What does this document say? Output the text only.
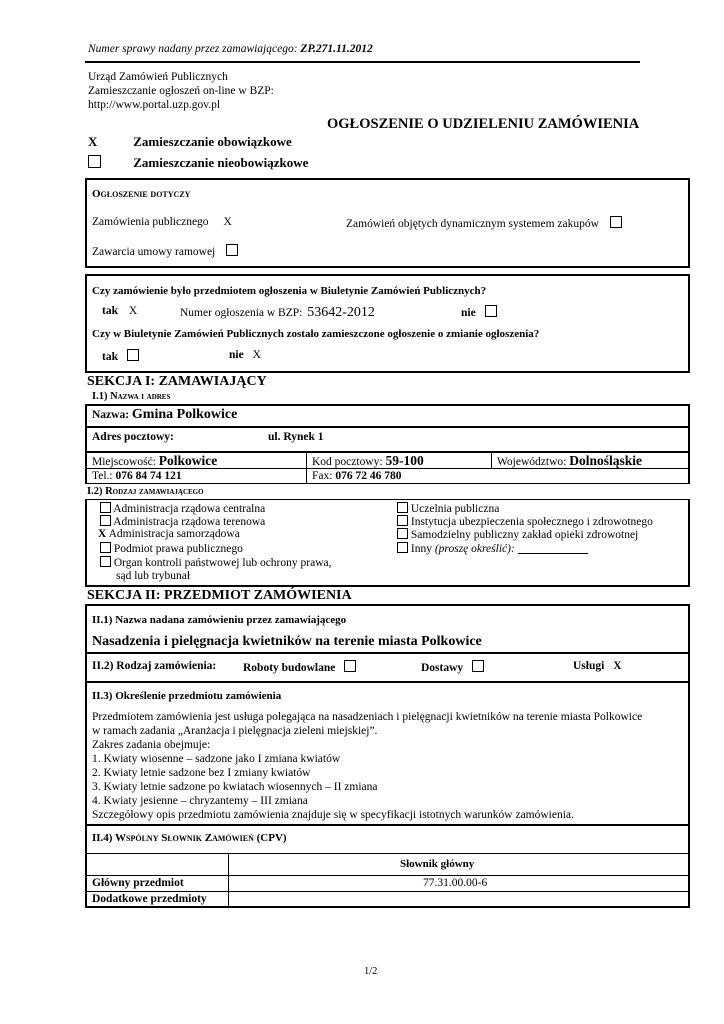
Numer sprawy nadany przez zamawiającego: ZP.271.11.2012
Urząd Zamówień Publicznych
Zamieszczanie ogłoszeń on-line w BZP:
http://www.portal.uzp.gov.pl
OGŁOSZENIE O UDZIELENIU ZAMÓWIENIA
X	Zamieszczanie obowiązkowe
Zamieszczanie nieobowiązkowe
Ogłoszenie dotyczy
Zamówienia publicznego X	Zamówień objętych dynamicznym systemem zakupów
Zawarcia umowy ramowej
Czy zamówienie było przedmiotem ogłoszenia w Biuletynie Zamówień Publicznych?
tak X	Numer ogłoszenia w BZP: 53642-2012	nie
Czy w Biuletynie Zamówień Publicznych zostało zamieszczone ogłoszenie o zmianie ogłoszenia?
tak	nie X
SEKCJA I: ZAMAWIAJĄCY
I.1) Nazwa i adres
Nazwa: Gmina Polkowice
Adres pocztowy:	ul. Rynek 1
Miejscowość: Polkowice	Kod pocztowy: 59-100	Województwo: Dolnośląskie
Tel.: 076 84 74 121	Fax: 076 72 46 780
I.2) Rodzaj zamawiającego
Administracja rządowa centralna
Administracja rządowa terenowa
X Administracja samorządowa
Podmiot prawa publicznego
Organ kontroli państwowej lub ochrony prawa,
sąd lub trybunał
Uczelnia publiczna
Instytucja ubezpieczenia społecznego i zdrowotnego
Samodzielny publiczny zakład opieki zdrowotnej
Inny (proszę określić):
SEKCJA II: PRZEDMIOT ZAMÓWIENIA
II.1) Nazwa nadana zamówieniu przez zamawiającego
Nasadzenia i pielęgnacja kwietników na terenie miasta Polkowice
II.2) Rodzaj zamówienia: Roboty budowlane	Dostawy	Usługi X
II.3) Określenie przedmiotu zamówienia
Przedmiotem zamówienia jest usługa polegająca na nasadzeniach i pielęgnacji kwietników na terenie miasta Polkowice
w ramach zadania „Aranżacja i pielęgnacja zieleni miejskiej”.
Zakres zadania obejmuje:
1. Kwiaty wiosenne – sadzone jako I zmiana kwiatów
2. Kwiaty letnie sadzone bez I zmiany kwiatów
3. Kwiaty letnie sadzone po kwiatach wiosennych – II zmiana
4. Kwiaty jesienne – chryzantemy – III zmiana
Szczegółowy opis przedmiotu zamówienia znajduje się w specyfikacji istotnych warunków zamówienia.
II.4) Wspólny Słownik Zamówień (CPV)
Słownik główny
Główny przedmiot	77.31.00.00-6
Dodatkowe przedmioty
1/2
